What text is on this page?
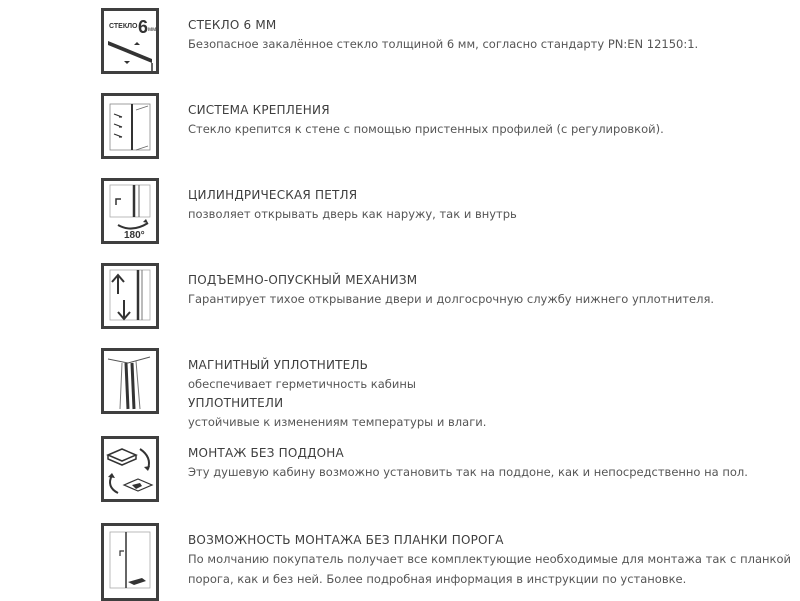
СТЕКЛО 6 мм	СТЕКЛО 6 ММ
Безопасное закалённое стекло толщиной 6 мм, согласно стандарту PN:EN 12150:1.
СИСТЕМА КРЕПЛЕНИЯ
Стекло крепится к стене с помощью пристенных профилей (с регулировкой).
180°
ЦИЛИНДРИЧЕСКАЯ ПЕТЛЯ
позволяет открывать дверь как наружу, так и внутрь
ПОДЪЕМНО-ОПУСКНЫЙ МЕХАНИЗМ
Гарантирует тихое открывание двери и долгосрочную службу нижнего уплотнителя.
МАГНИТНЫЙ УПЛОТНИТЕЛЬ
обеспечивает герметичность кабины
УПЛОТНИТЕЛИ
устойчивые к изменениям температуры и влаги.
МОНТАЖ БЕЗ ПОДДОНА
Эту душевую кабину возможно установить так на поддоне, как и непосредственно на пол.
ВОЗМОЖНОСТЬ МОНТАЖА БЕЗ ПЛАНКИ ПОРОГА
По молчанию покупатель получает все комплектующие необходимые для монтажа так с планкой порога, как и без ней. Более подробная информация в инструкции по установке.
